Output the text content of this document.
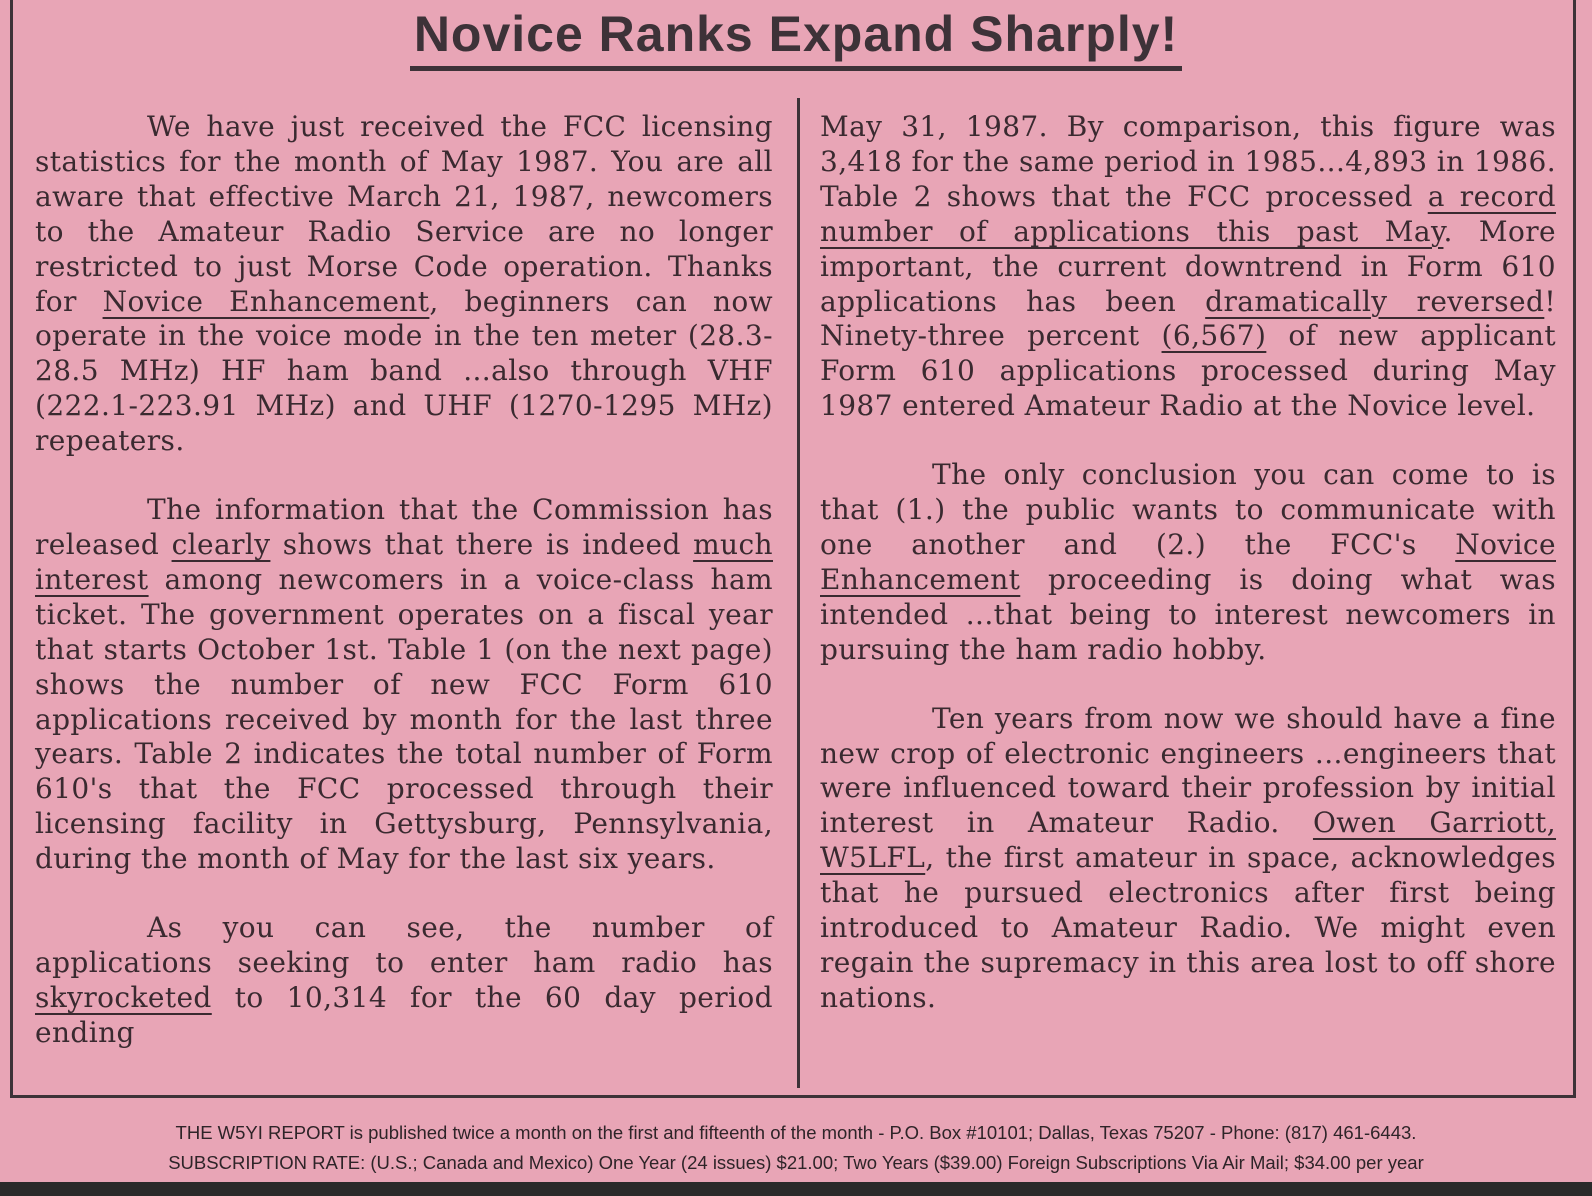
Novice Ranks Expand Sharply!

We have just received the FCC licensing statistics for the month of May 1987. You are all aware that effective March 21, 1987, newcomers to the Amateur Radio Service are no longer restricted to just Morse Code operation. Thanks for Novice Enhancement, beginners can now operate in the voice mode in the ten meter (28.3-28.5 MHz) HF ham band ...also through VHF (222.1-223.91 MHz) and UHF (1270-1295 MHz) repeaters.

The information that the Commission has released clearly shows that there is indeed much interest among newcomers in a voice-class ham ticket. The government operates on a fiscal year that starts October 1st. Table 1 (on the next page) shows the number of new FCC Form 610 applications received by month for the last three years. Table 2 indicates the total number of Form 610's that the FCC processed through their licensing facility in Gettysburg, Pennsylvania, during the month of May for the last six years.

As you can see, the number of applications seeking to enter ham radio has skyrocketed to 10,314 for the 60 day period ending

May 31, 1987. By comparison, this figure was 3,418 for the same period in 1985...4,893 in 1986. Table 2 shows that the FCC processed a record number of applications this past May. More important, the current downtrend in Form 610 applications has been dramatically reversed! Ninety-three percent (6,567) of new applicant Form 610 applications processed during May 1987 entered Amateur Radio at the Novice level.

The only conclusion you can come to is that (1.) the public wants to communicate with one another and (2.) the FCC's Novice Enhancement proceeding is doing what was intended ...that being to interest newcomers in pursuing the ham radio hobby.

Ten years from now we should have a fine new crop of electronic engineers ...engineers that were influenced toward their profession by initial interest in Amateur Radio. Owen Garriott, W5LFL, the first amateur in space, acknowledges that he pursued electronics after first being introduced to Amateur Radio. We might even regain the supremacy in this area lost to off shore nations.

THE W5YI REPORT is published twice a month on the first and fifteenth of the month - P.O. Box #10101; Dallas, Texas 75207 - Phone: (817) 461-6443.
SUBSCRIPTION RATE: (U.S.; Canada and Mexico) One Year (24 issues) $21.00; Two Years ($39.00) Foreign Subscriptions Via Air Mail; $34.00 per year
